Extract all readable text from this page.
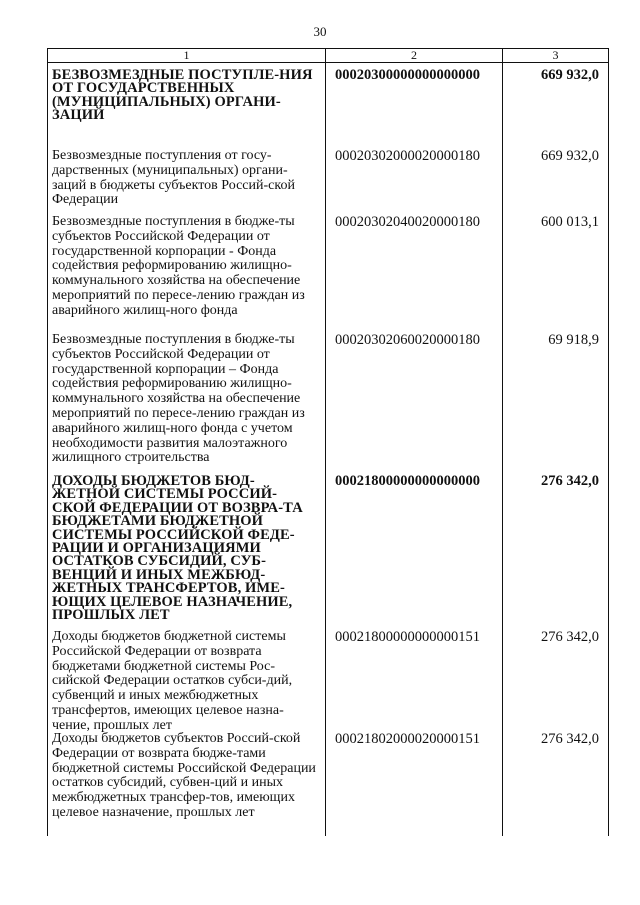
30
1	2	3
БЕЗВОЗМЕЗДНЫЕ ПОСТУПЛЕ-НИЯ ОТ ГОСУДАРСТВЕННЫХ (МУНИЦИПАЛЬНЫХ) ОРГАНИ-ЗАЦИЙ
00020300000000000000	669 932,0
Безвозмездные поступления от госу-дарственных (муниципальных) органи-заций в бюджеты субъектов Россий-ской Федерации
00020302000020000180	669 932,0
Безвозмездные поступления в бюдже-ты субъектов Российской Федерации от государственной корпорации - Фонда содействия реформированию жилищно-коммунального хозяйства на обеспечение мероприятий по пересе-лению граждан из аварийного жилищ-ного фонда
00020302040020000180	600 013,1
Безвозмездные поступления в бюдже-ты субъектов Российской Федерации от государственной корпорации – Фонда содействия реформированию жилищно-коммунального хозяйства на обеспечение мероприятий по пересе-лению граждан из аварийного жилищ-ного фонда с учетом необходимости развития малоэтажного жилищного строительства
00020302060020000180	69 918,9
ДОХОДЫ БЮДЖЕТОВ БЮД-ЖЕТНОЙ СИСТЕМЫ РОССИЙ-СКОЙ ФЕДЕРАЦИИ ОТ ВОЗВРА-ТА БЮДЖЕТАМИ БЮДЖЕТНОЙ СИСТЕМЫ РОССИЙСКОЙ ФЕДЕ-РАЦИИ И ОРГАНИЗАЦИЯМИ ОСТАТКОВ СУБСИДИЙ, СУБ-ВЕНЦИЙ И ИНЫХ МЕЖБЮД-ЖЕТНЫХ ТРАНСФЕРТОВ, ИМЕ-ЮЩИХ ЦЕЛЕВОЕ НАЗНАЧЕНИЕ, ПРОШЛЫХ ЛЕТ
00021800000000000000	276 342,0
Доходы бюджетов бюджетной системы Российской Федерации от возврата бюджетами бюджетной системы Рос-сийской Федерации остатков субси-дий, субвенций и иных межбюджетных трансфертов, имеющих целевое назна-чение, прошлых лет
00021800000000000151	276 342,0
Доходы бюджетов субъектов Россий-ской Федерации от возврата бюдже-тами бюджетной системы Российской Федерации остатков субсидий, субвен-ций и иных межбюджетных трансфер-тов, имеющих целевое назначение, прошлых лет
00021802000020000151	276 342,0
